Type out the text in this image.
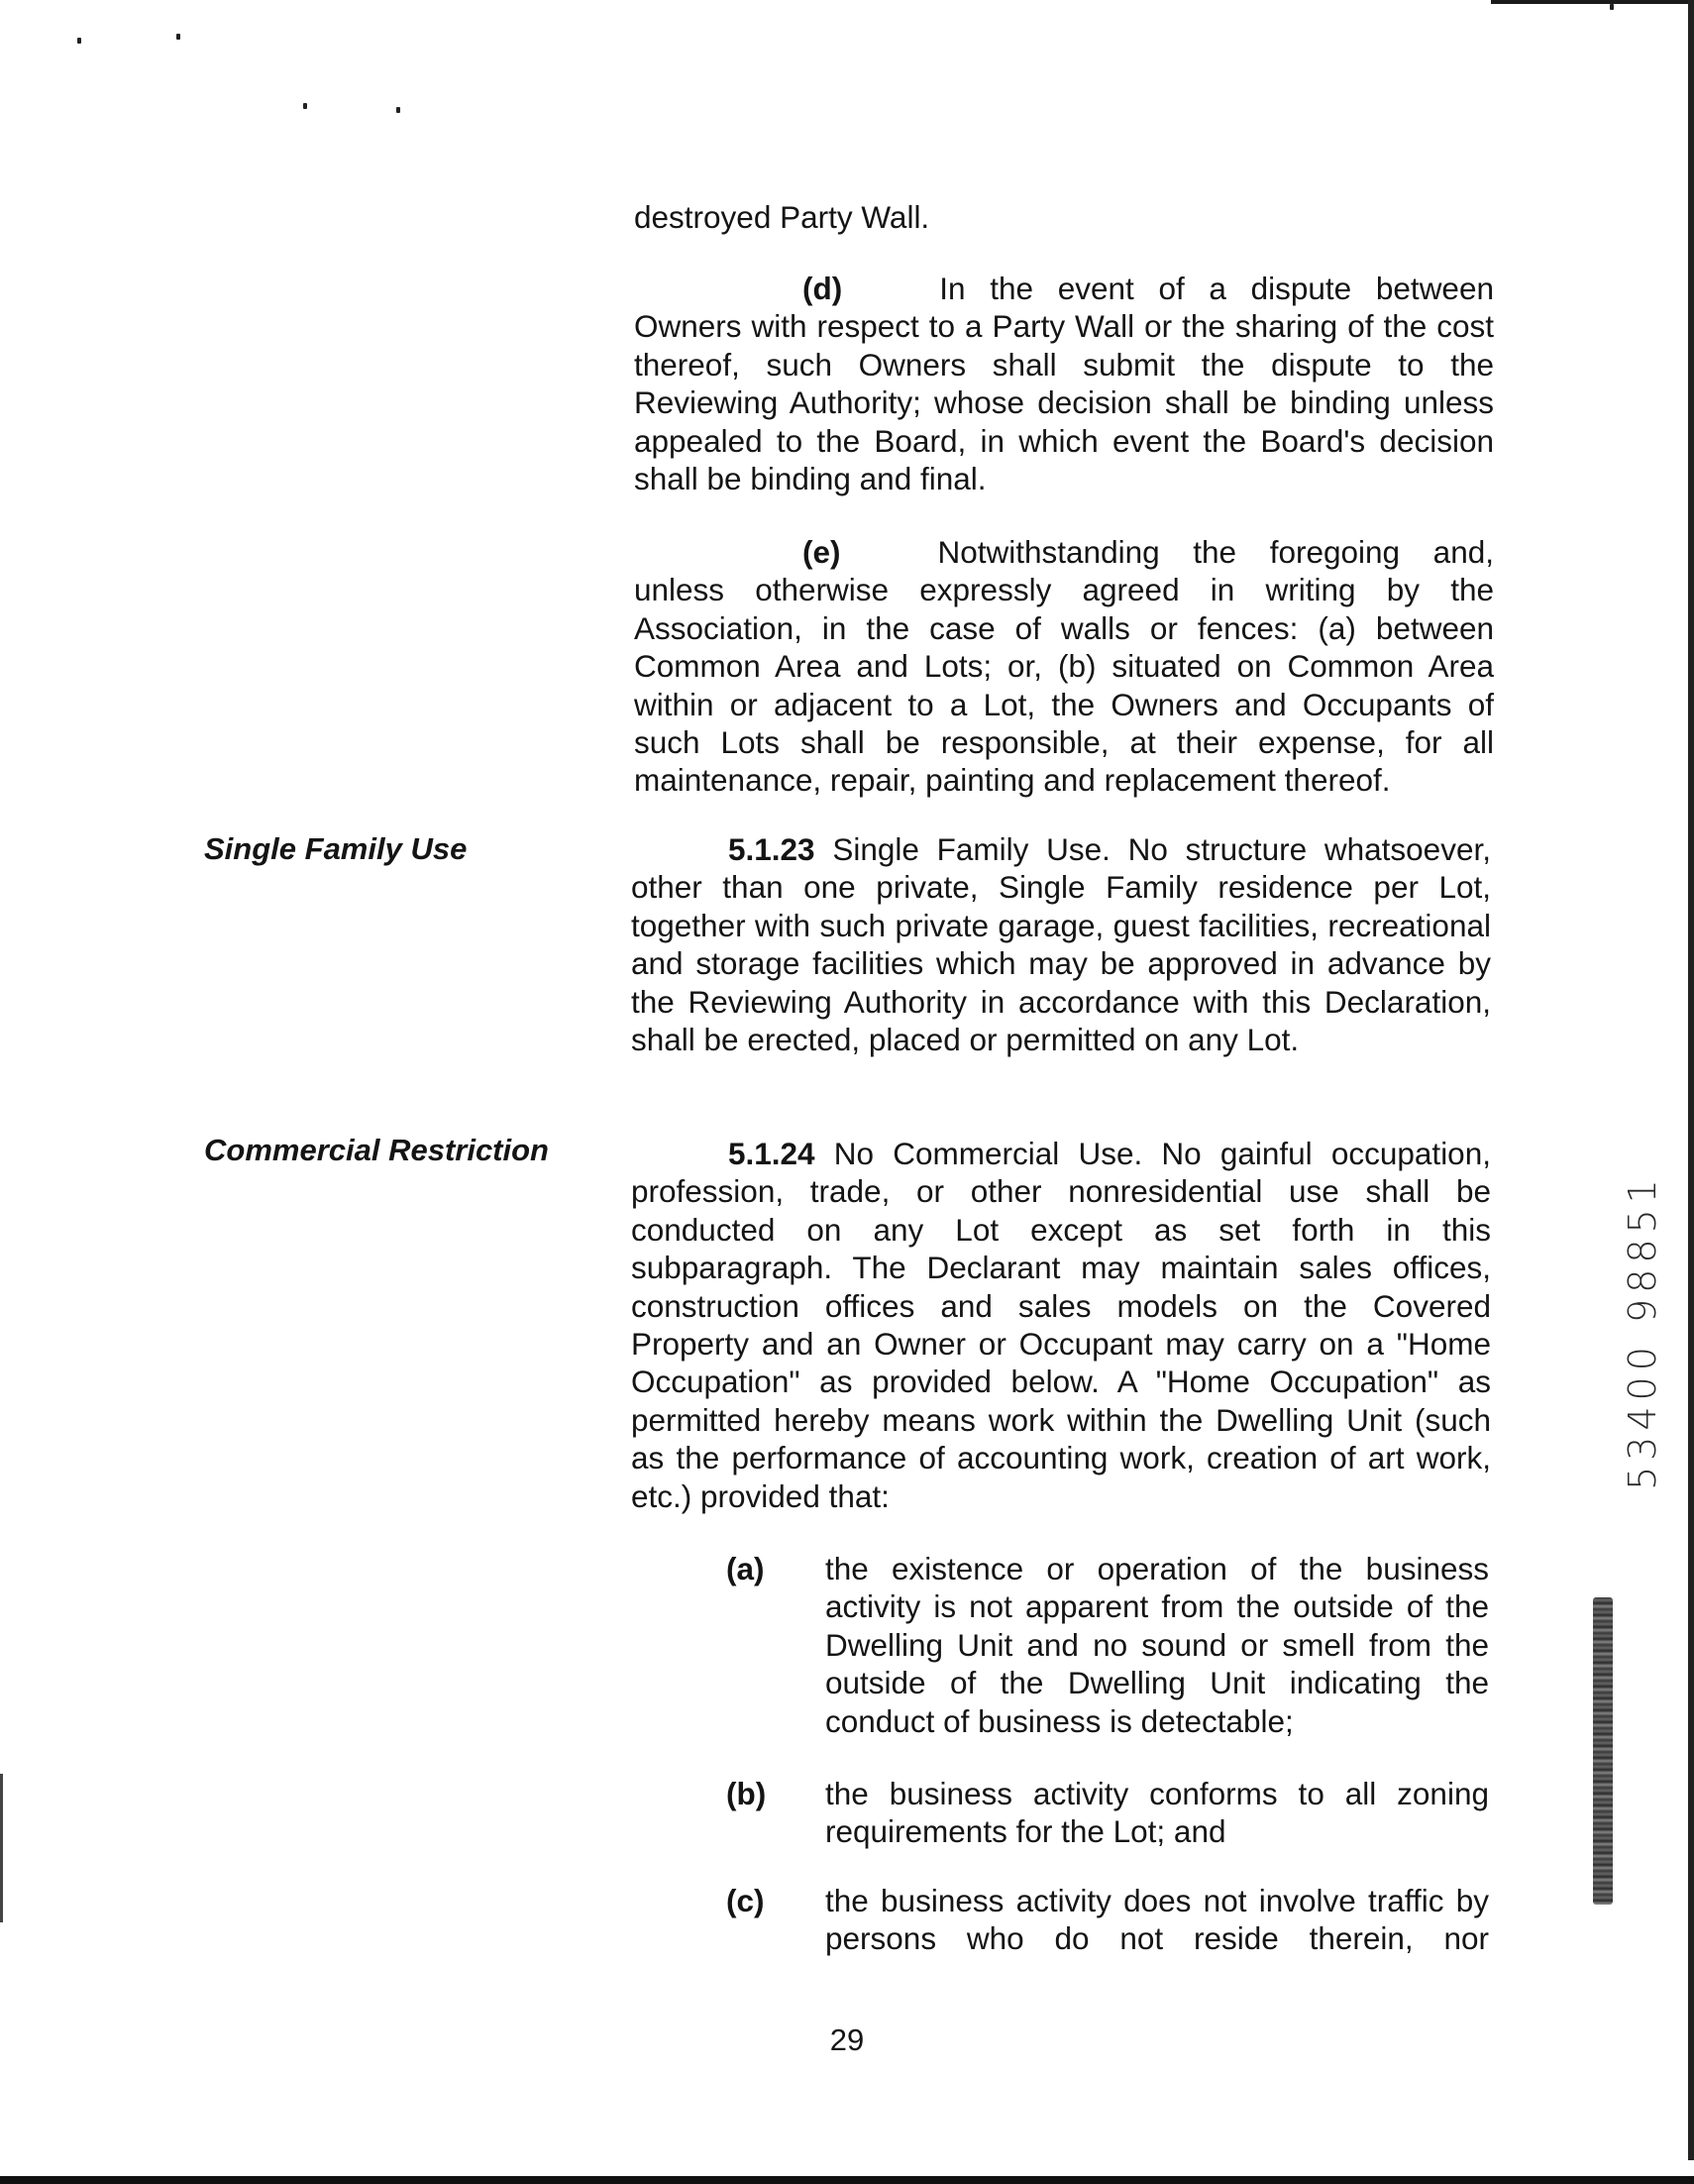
destroyed Party Wall.

(d)	In the event of a dispute between Owners with respect to a Party Wall or the sharing of the cost thereof, such Owners shall submit the dispute to the Reviewing Authority; whose decision shall be binding unless appealed to the Board, in which event the Board's decision shall be binding and final.

(e)	Notwithstanding the foregoing and, unless otherwise expressly agreed in writing by the Association, in the case of walls or fences: (a) between Common Area and Lots; or, (b) situated on Common Area within or adjacent to a Lot, the Owners and Occupants of such Lots shall be responsible, at their expense, for all maintenance, repair, painting and replacement thereof.

Single Family Use	5.1.23 Single Family Use. No structure whatsoever, other than one private, Single Family residence per Lot, together with such private garage, guest facilities, recreational and storage facilities which may be approved in advance by the Reviewing Authority in accordance with this Declaration, shall be erected, placed or permitted on any Lot.

Commercial Restriction	5.1.24 No Commercial Use. No gainful occupation, profession, trade, or other nonresidential use shall be conducted on any Lot except as set forth in this subparagraph. The Declarant may maintain sales offices, construction offices and sales models on the Covered Property and an Owner or Occupant may carry on a "Home Occupation" as provided below. A "Home Occupation" as permitted hereby means work within the Dwelling Unit (such as the performance of accounting work, creation of art work, etc.) provided that:

(a) the existence or operation of the business activity is not apparent from the outside of the Dwelling Unit and no sound or smell from the outside of the Dwelling Unit indicating the conduct of business is detectable;

(b) the business activity conforms to all zoning requirements for the Lot; and

(c) the business activity does not involve traffic by persons who do not reside therein, nor

29
53400 98851
